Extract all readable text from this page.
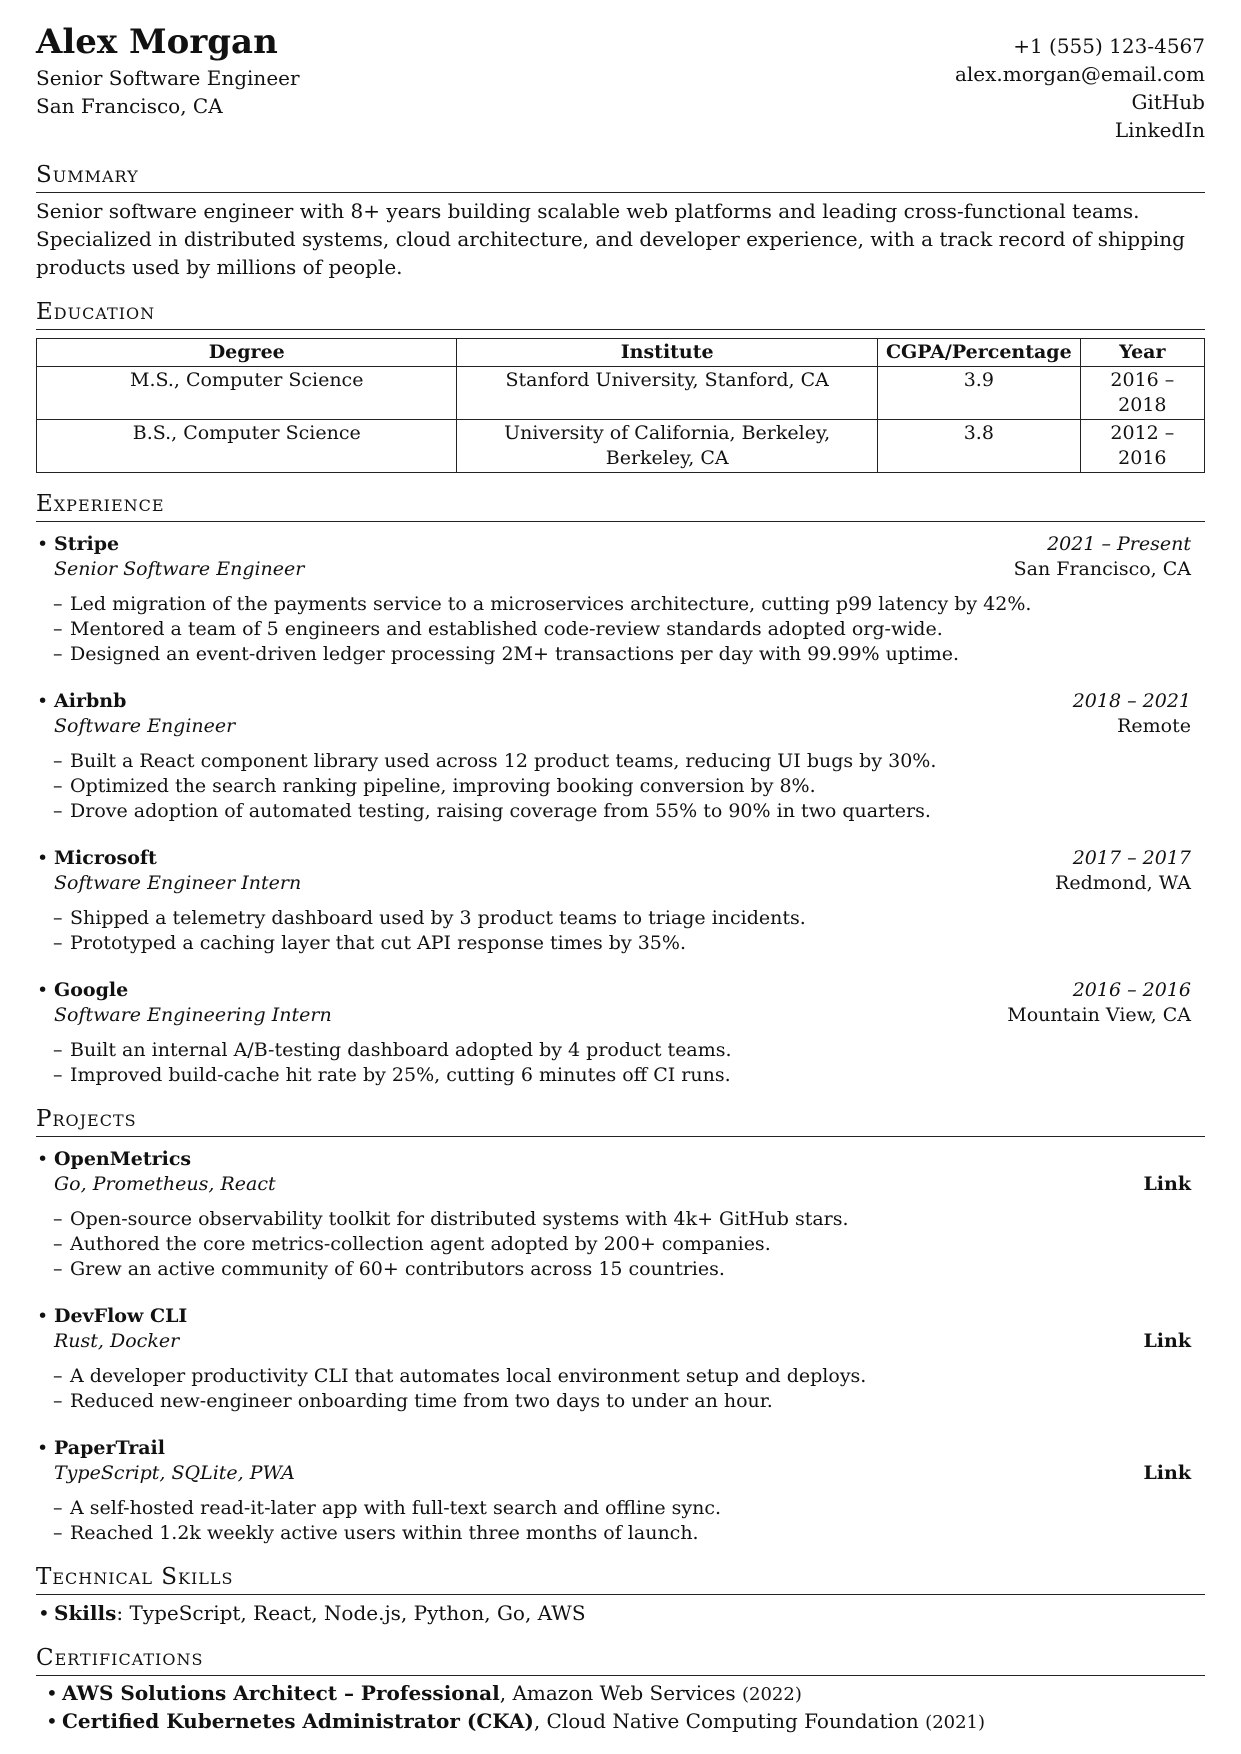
Alex Morgan
Senior Software Engineer
San Francisco, CA
+1 (555) 123-4567
alex.morgan@email.com
GitHub
LinkedIn
Summary
Senior software engineer with 8+ years building scalable web platforms and leading cross-functional teams. Specialized in distributed systems, cloud architecture, and developer experience, with a track record of shipping products used by millions of people.
Education
Degree	Institute	CGPA/Percentage	Year
M.S., Computer Science	Stanford University, Stanford, CA	3.9	2016 – 2018
B.S., Computer Science	University of California, Berkeley, Berkeley, CA	3.8	2012 – 2016
Experience
• Stripe	2021 – Present
Senior Software Engineer	San Francisco, CA
– Led migration of the payments service to a microservices architecture, cutting p99 latency by 42%.
– Mentored a team of 5 engineers and established code-review standards adopted org-wide.
– Designed an event-driven ledger processing 2M+ transactions per day with 99.99% uptime.
• Airbnb	2018 – 2021
Software Engineer	Remote
– Built a React component library used across 12 product teams, reducing UI bugs by 30%.
– Optimized the search ranking pipeline, improving booking conversion by 8%.
– Drove adoption of automated testing, raising coverage from 55% to 90% in two quarters.
• Microsoft	2017 – 2017
Software Engineer Intern	Redmond, WA
– Shipped a telemetry dashboard used by 3 product teams to triage incidents.
– Prototyped a caching layer that cut API response times by 35%.
• Google	2016 – 2016
Software Engineering Intern	Mountain View, CA
– Built an internal A/B-testing dashboard adopted by 4 product teams.
– Improved build-cache hit rate by 25%, cutting 6 minutes off CI runs.
Projects
• OpenMetrics
Go, Prometheus, React	Link
– Open-source observability toolkit for distributed systems with 4k+ GitHub stars.
– Authored the core metrics-collection agent adopted by 200+ companies.
– Grew an active community of 60+ contributors across 15 countries.
• DevFlow CLI
Rust, Docker	Link
– A developer productivity CLI that automates local environment setup and deploys.
– Reduced new-engineer onboarding time from two days to under an hour.
• PaperTrail
TypeScript, SQLite, PWA	Link
– A self-hosted read-it-later app with full-text search and offline sync.
– Reached 1.2k weekly active users within three months of launch.
Technical Skills
• Skills: TypeScript, React, Node.js, Python, Go, AWS
Certifications
• AWS Solutions Architect – Professional, Amazon Web Services (2022)
• Certified Kubernetes Administrator (CKA), Cloud Native Computing Foundation (2021)
